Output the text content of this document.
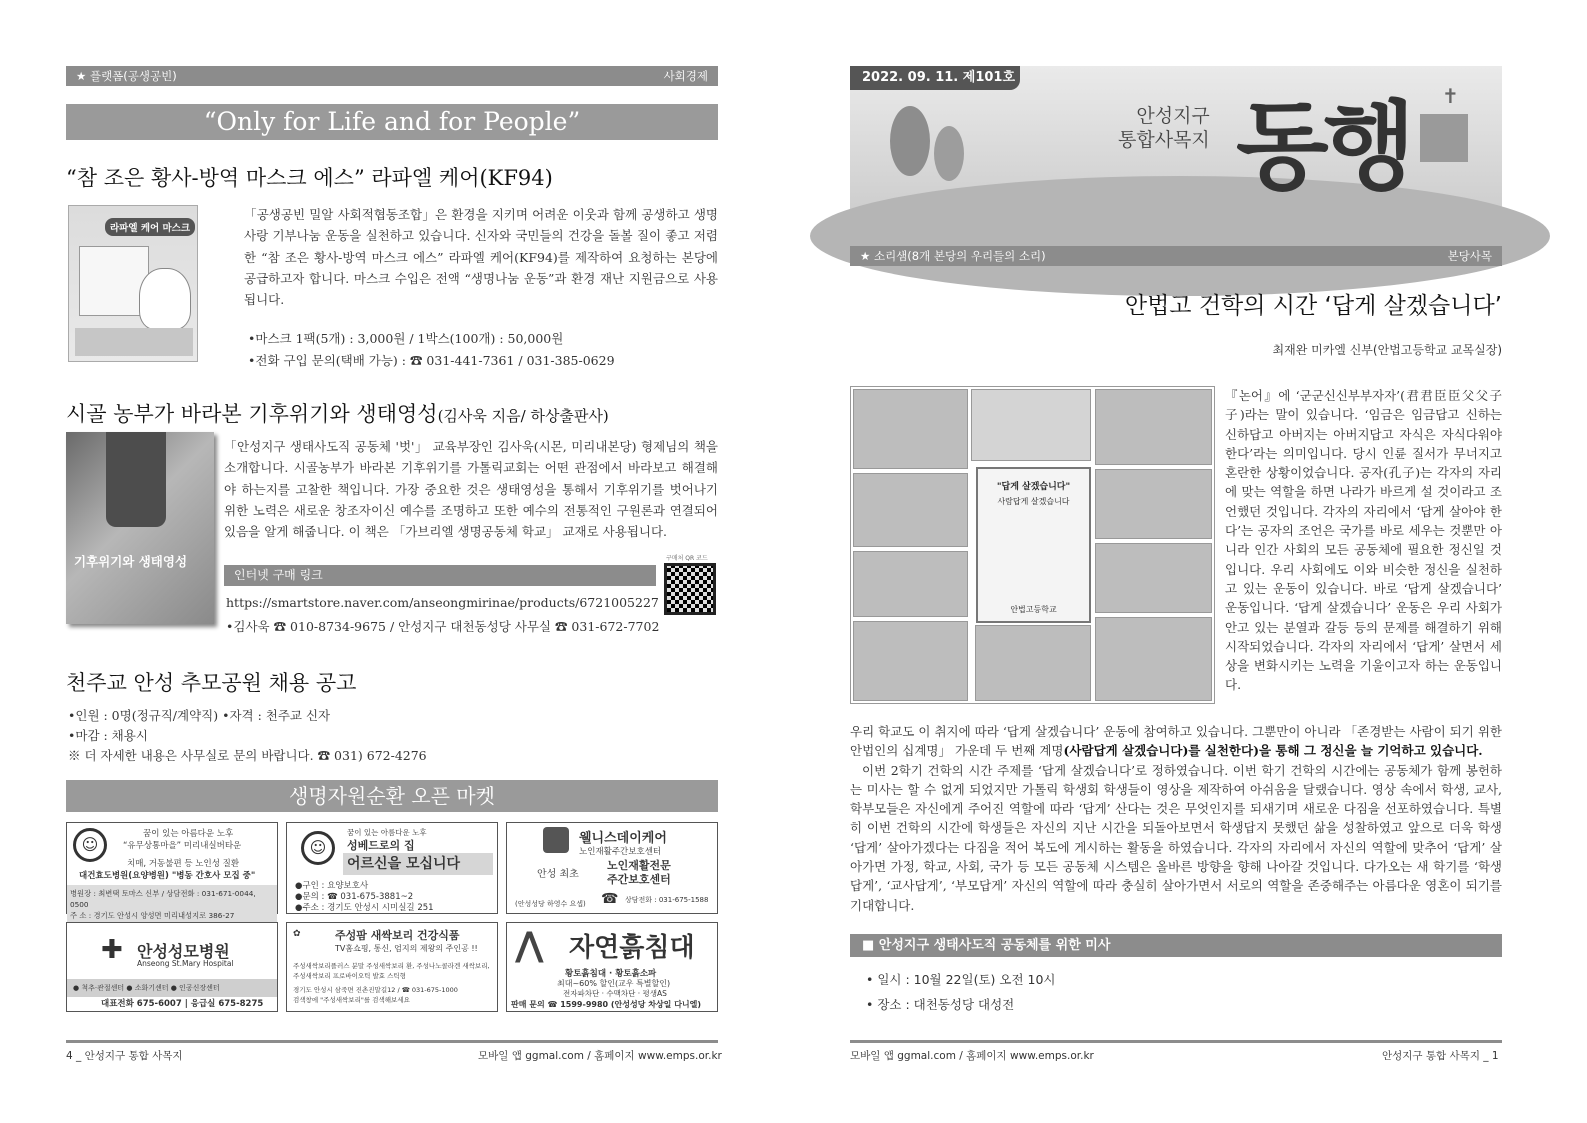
★ 플랫폼(공생공빈)	사회경제
“Only for Life and for People”
“참 조은 황사-방역 마스크 에스” 라파엘 케어(KF94)
라파엘 케어 마스크
「공생공빈 밀알 사회적협동조합」은 환경을 지키며 어려운 이웃과 함께 공생하고 생명사랑 기부나눔 운동을 실천하고 있습니다. 신자와 국민들의 건강을 돌볼 질이 좋고 저렴한 “참 조은 황사-방역 마스크 에스” 라파엘 케어(KF94)를 제작하여 요청하는 본당에 공급하고자 합니다. 마스크 수입은 전액 “생명나눔 운동”과 환경 재난 지원금으로 사용됩니다.
•마스크 1팩(5개) : 3,000원 / 1박스(100개) : 50,000원
•전화 구입 문의(택배 가능) : ☎ 031-441-7361 / 031-385-0629
시골 농부가 바라본 기후위기와 생태영성(김사욱 지음/ 하상출판사)
기후위기와 생태영성
「안성지구 생태사도직 공동체 '벗'」 교육부장인 김사욱(시몬, 미리내본당) 형제님의 책을 소개합니다. 시골농부가 바라본 기후위기를 가톨릭교회는 어떤 관점에서 바라보고 해결해야 하는지를 고찰한 책입니다. 가장 중요한 것은 생태영성을 통해서 기후위기를 벗어나기 위한 노력은 새로운 창조자이신 예수를 조명하고 또한 예수의 전통적인 구원론과 연결되어 있음을 알게 해줍니다. 이 책은 「가브리엘 생명공동체 학교」 교재로 사용됩니다.
인터넷 구매 링크
구매처 QR 코드
https://smartstore.naver.com/anseongmirinae/products/6721005227
•김사욱 ☎ 010-8734-9675 / 안성지구 대천동성당 사무실 ☎ 031-672-7702
천주교 안성 추모공원 채용 공고
•인원 : 0명(정규직/계약직) •자격 : 천주교 신자
•마감 : 채용시
※ 더 자세한 내용은 사무실로 문의 바랍니다. ☎ 031) 672-4276
생명자원순환 오픈 마켓
☺
꿈이 있는 아름다운 노후
“유무상통마을” 미리내실버타운
치매, 거동불편 등 노인성 질환
대건효도병원(요양병원) "병동 간호사 모집 중"
병원장 : 최변택 토마스 신부 / 상담전화 : 031-671-0044, 0500
주 소 : 경기도 안성시 양성면 미리내성지로 386-27
☺
꿈이 있는 아름다운 노후
성베드로의 집
어르신을 모십니다
●구인 : 요양보호사
●문의 : ☎ 031-675-3881~2
●주소 : 경기도 안성시 시미실길 251
웰니스데이케어
노인재활주간보호센터
노인재활전문
주간보호센터
안성 최초
(안성성당 하영수 요셉)	상담전화 : 031-675-1588
☎
✚ 안성성모병원
Anseong St.Mary Hospital
● 척추·관절센터 ● 소화기센터 ● 인공신장센터
대표전화 675-6007 | 응급실 675-8275
✿	주성팜 새싹보리 건강식품
TV홈쇼핑, 통신, 엄지의 제왕의 주인공 !!
주성새싹보리플러스 분말 주성새싹보리 환, 주성나노콜라겐 새싹보리,
주성새싹보리 프로바이오틱 발효 스틱형
경기도 안성시 삼죽면 진촌진말길12 / ☎ 031-675-1000
검색창에 "주성새싹보리"를 검색해보세요
⋀ 자연흙침대
황토흙침대 · 황토흙소파
최대~60% 할인(교우 특별할인)
전자파차단 · 수맥차단 · 평생AS
판매 문의 ☎ 1599-9980 (안성성당 차상일 다니엘)
4 _ 안성지구 통합 사목지	모바일 앱 ggmal.com / 홈페이지 www.emps.or.kr
✝
2022. 09. 11. 제101호
안성지구
통합사목지 동행
★ 소리샘(8개 본당의 우리들의 소리)	본당사목
안법고 건학의 시간 ‘답게 살겠습니다’
최재완 미카엘 신부(안법고등학교 교목실장)
"답게 살겠습니다"
사람답게 살겠습니다
안법고등학교
『논어』에 ‘군군신신부부자자’(君君臣臣父父子子)라는 말이 있습니다. ‘임금은 임금답고 신하는 신하답고 아버지는 아버지답고 자식은 자식다워야 한다’라는 의미입니다. 당시 인륜 질서가 무너지고 혼란한 상황이었습니다. 공자(孔子)는 각자의 자리에 맞는 역할을 하면 나라가 바르게 설 것이라고 조언했던 것입니다. 각자의 자리에서 ‘답게 살아야 한다’는 공자의 조언은 국가를 바로 세우는 것뿐만 아니라 인간 사회의 모든 공동체에 필요한 정신일 것입니다. 우리 사회에도 이와 비슷한 정신을 실천하고 있는 운동이 있습니다. 바로 ‘답게 살겠습니다’ 운동입니다. ‘답게 살겠습니다’ 운동은 우리 사회가 안고 있는 분열과 갈등 등의 문제를 해결하기 위해 시작되었습니다. 각자의 자리에서 ‘답게’ 살면서 세상을 변화시키는 노력을 기울이고자 하는 운동입니다.
우리 학교도 이 취지에 따라 ‘답게 살겠습니다’ 운동에 참여하고 있습니다. 그뿐만이 아니라 「존경받는 사람이 되기 위한 안법인의 십계명」 가운데 두 번째 계명(사람답게 살겠습니다)를 실천한다)을 통해 그 정신을 늘 기억하고 있습니다.
이번 2학기 건학의 시간 주제를 ‘답게 살겠습니다’로 정하였습니다. 이번 학기 건학의 시간에는 공동체가 함께 봉헌하는 미사는 할 수 없게 되었지만 가톨릭 학생회 학생들이 영상을 제작하여 아쉬움을 달랬습니다. 영상 속에서 학생, 교사, 학부모들은 자신에게 주어진 역할에 따라 ‘답게’ 산다는 것은 무엇인지를 되새기며 새로운 다짐을 선포하였습니다. 특별히 이번 건학의 시간에 학생들은 자신의 지난 시간을 되돌아보면서 학생답지 못했던 삶을 성찰하였고 앞으로 더욱 학생 ‘답게’ 살아가겠다는 다짐을 적어 복도에 게시하는 활동을 하였습니다. 각자의 자리에서 자신의 역할에 맞추어 ‘답게’ 살아가면 가정, 학교, 사회, 국가 등 모든 공동체 시스템은 올바른 방향을 향해 나아갈 것입니다. 다가오는 새 학기를 ‘학생답게’, ‘교사답게’, ‘부모답게’ 자신의 역할에 따라 충실히 살아가면서 서로의 역할을 존중해주는 아름다운 영혼이 되기를 기대합니다.
■ 안성지구 생태사도직 공동체를 위한 미사
• 일시 : 10월 22일(토) 오전 10시
• 장소 : 대천동성당 대성전
모바일 앱 ggmal.com / 홈페이지 www.emps.or.kr	안성지구 통합 사목지 _ 1
